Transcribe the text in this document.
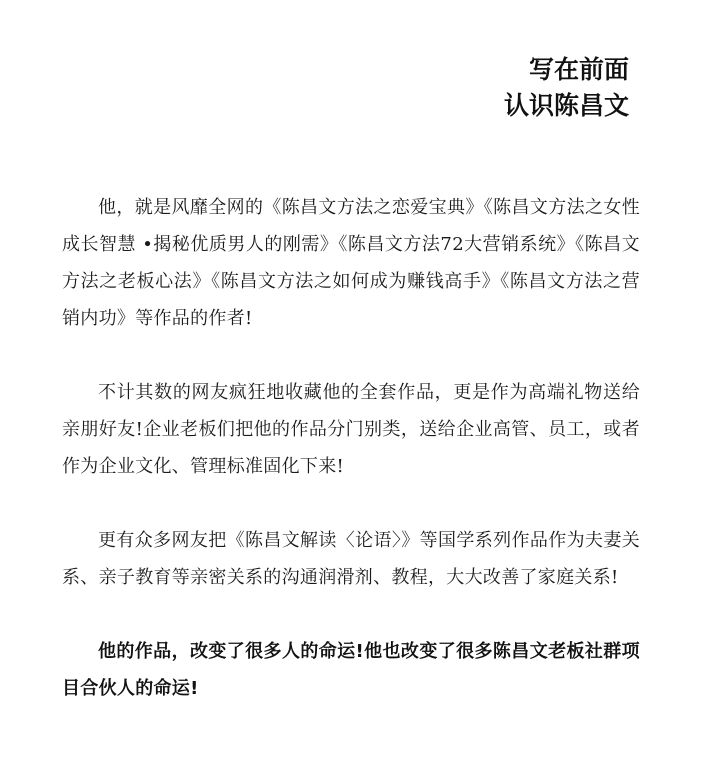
写在前面
认识陈昌文

他，就是风靡全网的《陈昌文方法之恋爱宝典》《陈昌文方法之女性成长智慧 •揭秘优质男人的刚需》《陈昌文方法72大营销系统》《陈昌文方法之老板心法》《陈昌文方法之如何成为赚钱高手》《陈昌文方法之营销内功》等作品的作者!

不计其数的网友疯狂地收藏他的全套作品，更是作为高端礼物送给亲朋好友!企业老板们把他的作品分门别类，送给企业高管、员工，或者作为企业文化、管理标准固化下来!

更有众多网友把《陈昌文解读〈论语〉》等国学系列作品作为夫妻关系、亲子教育等亲密关系的沟通润滑剂、教程，大大改善了家庭关系!

他的作品，改变了很多人的命运!他也改变了很多陈昌文老板社群项目合伙人的命运!
